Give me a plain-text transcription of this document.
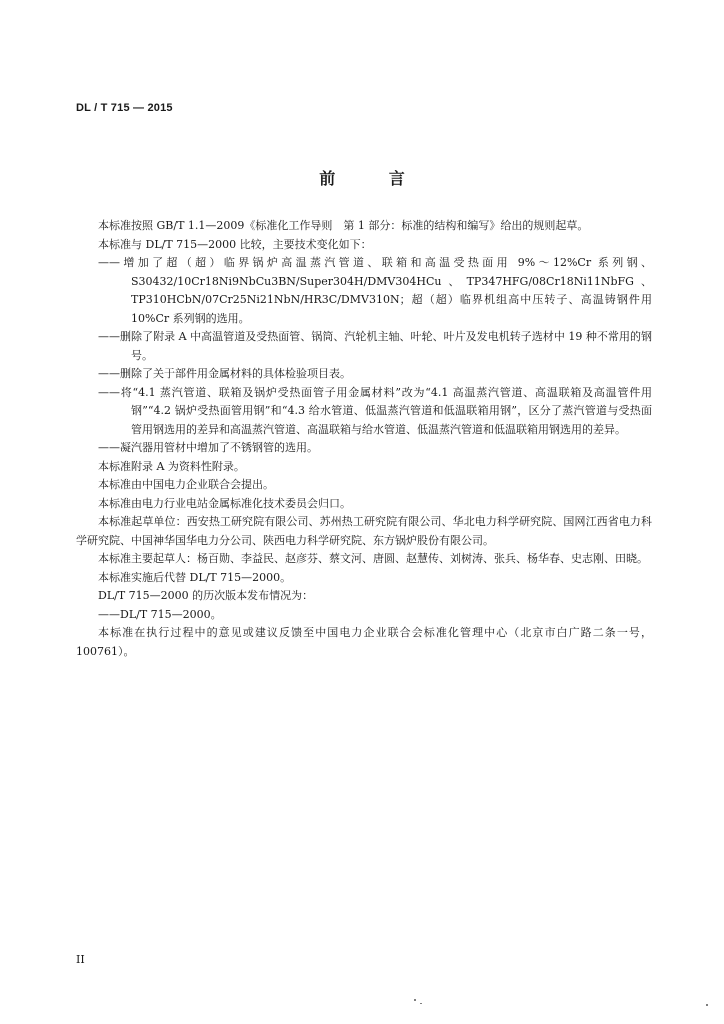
DL / T 715 — 2015
前 言

本标准按照 GB/T 1.1—2009《标准化工作导则　第 1 部分：标准的结构和编写》给出的规则起草。

本标准与 DL/T 715—2000 比较，主要技术变化如下：

——增加了超（超）临界锅炉高温蒸汽管道、联箱和高温受热面用 9%～12%Cr 系列钢、S30432/10Cr18Ni9NbCu3BN/Super304H/DMV304HCu、TP347HFG/08Cr18Ni11NbFG、TP310HCbN/07Cr25Ni21NbN/HR3C/DMV310N；超（超）临界机组高中压转子、高温铸钢件用 10%Cr 系列钢的选用。

——删除了附录 A 中高温管道及受热面管、锅筒、汽轮机主轴、叶轮、叶片及发电机转子选材中 19 种不常用的钢号。

——删除了关于部件用金属材料的具体检验项目表。

——将“4.1 蒸汽管道、联箱及锅炉受热面管子用金属材料”改为“4.1 高温蒸汽管道、高温联箱及高温管件用钢”“4.2 锅炉受热面管用钢”和“4.3 给水管道、低温蒸汽管道和低温联箱用钢”，区分了蒸汽管道与受热面管用钢选用的差异和高温蒸汽管道、高温联箱与给水管道、低温蒸汽管道和低温联箱用钢选用的差异。

——凝汽器用管材中增加了不锈钢管的选用。

本标准附录 A 为资料性附录。

本标准由中国电力企业联合会提出。

本标准由电力行业电站金属标准化技术委员会归口。

本标准起草单位：西安热工研究院有限公司、苏州热工研究院有限公司、华北电力科学研究院、国网江西省电力科学研究院、中国神华国华电力分公司、陕西电力科学研究院、东方锅炉股份有限公司。

本标准主要起草人：杨百勋、李益民、赵彦芬、蔡文河、唐圆、赵慧传、刘树涛、张兵、杨华春、史志刚、田晓。

本标准实施后代替 DL/T 715—2000。

DL/T 715—2000 的历次版本发布情况为：

——DL/T 715—2000。

本标准在执行过程中的意见或建议反馈至中国电力企业联合会标准化管理中心（北京市白广路二条一号，100761）。

II
